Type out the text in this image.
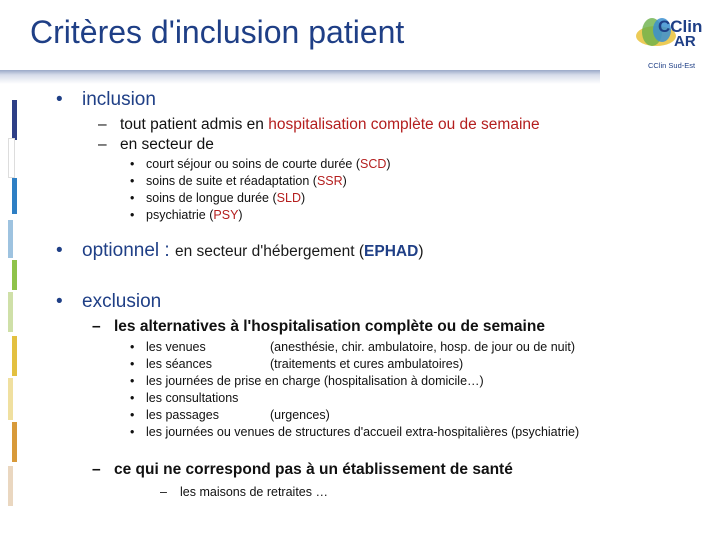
Critères d'inclusion patient	CClin
AR
CClin Sud-Est
• inclusion
– tout patient admis en hospitalisation complète ou de semaine
– en secteur de
• court séjour ou soins de courte durée (SCD)
• soins de suite et réadaptation (SSR)
• soins de longue durée (SLD)
• psychiatrie (PSY)
• optionnel : en secteur d'hébergement (EPHAD)
• exclusion
– les alternatives à l'hospitalisation complète ou de semaine
• les venues	(anesthésie, chir. ambulatoire, hosp. de jour ou de nuit)
• les séances	(traitements et cures ambulatoires)
• les journées de prise en charge (hospitalisation à domicile…)
• les consultations
• les passages	(urgences)
• les journées ou venues de structures d'accueil extra-hospitalières (psychiatrie)
– ce qui ne correspond pas à un établissement de santé
– les maisons de retraites …
